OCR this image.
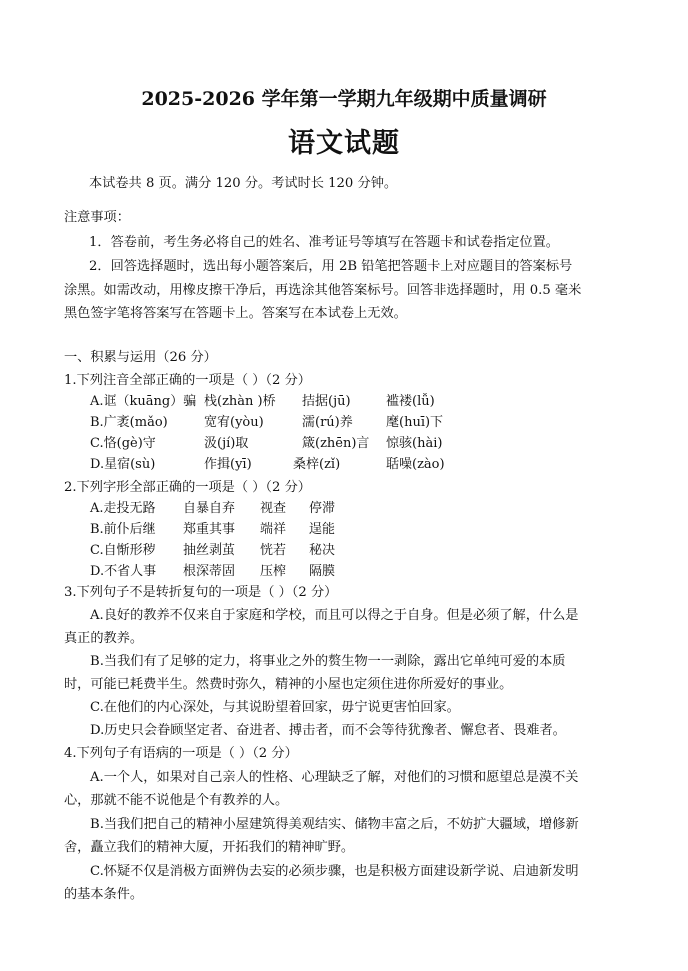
2025-2026 学年第一学期九年级期中质量调研
语文试题
本试卷共 8 页。满分 120 分。考试时长 120 分钟。
注意事项：
1．答卷前，考生务必将自己的姓名、准考证号等填写在答题卡和试卷指定位置。
2．回答选择题时，选出每小题答案后，用 2B 铅笔把答题卡上对应题目的答案标号
涂黑。如需改动，用橡皮擦干净后，再选涂其他答案标号。回答非选择题时，用 0.5 毫米
黑色签字笔将答案写在答题卡上。答案写在本试卷上无效。
一、积累与运用（26 分）
1.下列注音全部正确的一项是（ ）（2 分）
A.诓（kuāng）骗 栈(zhàn )桥 拮据(jū)	褴褛(lǚ)
B.广袤(mǎo)	宽宥(yòu)	濡(rú)养	麾(huī)下
C.恪(gè)守	汲(jí)取	箴(zhēn)言 惊骇(hài)
D.星宿(sù)	作揖(yī)	桑梓(zǐ)	聒噪(zào)
2.下列字形全部正确的一项是（ ）（2 分）
A.走投无路 自暴自弃 视查 停滞
B.前仆后继 郑重其事 端祥 逞能
C.自惭形秽 抽丝剥茧 恍若 秘决
D.不省人事 根深蒂固 压榨 隔膜
3.下列句子不是转折复句的一项是（ ）（2 分）
A.良好的教养不仅来自于家庭和学校，而且可以得之于自身。但是必须了解，什么是
真正的教养。
B.当我们有了足够的定力，将事业之外的赘生物一一剥除，露出它单纯可爱的本质
时，可能已耗费半生。然费时弥久，精神的小屋也定须住进你所爱好的事业。
C.在他们的内心深处，与其说盼望着回家，毋宁说更害怕回家。
D.历史只会眷顾坚定者、奋进者、搏击者，而不会等待犹豫者、懈怠者、畏难者。
4.下列句子有语病的一项是（ ）（2 分）
A.一个人，如果对自己亲人的性格、心理缺乏了解，对他们的习惯和愿望总是漠不关
心，那就不能不说他是个有教养的人。
B.当我们把自己的精神小屋建筑得美观结实、储物丰富之后，不妨扩大疆域，增修新
舍，矗立我们的精神大厦，开拓我们的精神旷野。
C.怀疑不仅是消极方面辨伪去妄的必须步骤，也是积极方面建设新学说、启迪新发明
的基本条件。
